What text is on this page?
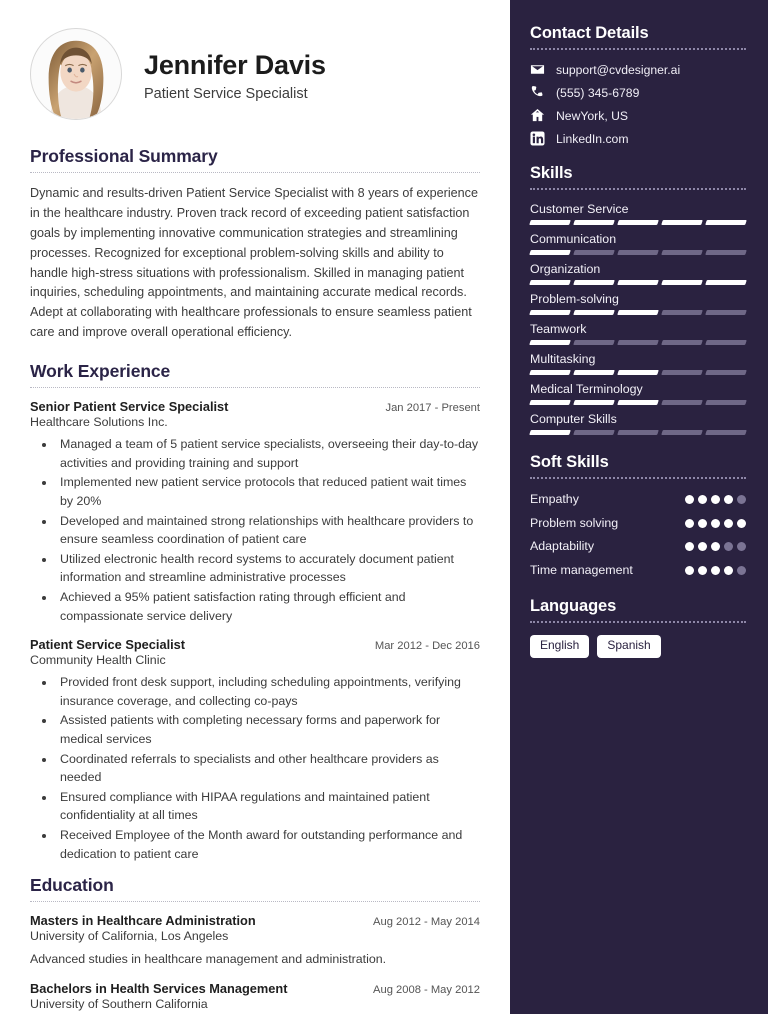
Jennifer Davis
Patient Service Specialist
Professional Summary
Dynamic and results-driven Patient Service Specialist with 8 years of experience in the healthcare industry. Proven track record of exceeding patient satisfaction goals by implementing innovative communication strategies and streamlining processes. Recognized for exceptional problem-solving skills and ability to handle high-stress situations with professionalism. Skilled in managing patient inquiries, scheduling appointments, and maintaining accurate medical records. Adept at collaborating with healthcare professionals to ensure seamless patient care and improve overall operational efficiency.
Work Experience
Senior Patient Service Specialist	Jan 2017 - Present
Healthcare Solutions Inc.
• Managed a team of 5 patient service specialists, overseeing their day-to-day activities and providing training and support
• Implemented new patient service protocols that reduced patient wait times by 20%
• Developed and maintained strong relationships with healthcare providers to ensure seamless coordination of patient care
• Utilized electronic health record systems to accurately document patient information and streamline administrative processes
• Achieved a 95% patient satisfaction rating through efficient and compassionate service delivery
Patient Service Specialist	Mar 2012 - Dec 2016
Community Health Clinic
• Provided front desk support, including scheduling appointments, verifying insurance coverage, and collecting co-pays
• Assisted patients with completing necessary forms and paperwork for medical services
• Coordinated referrals to specialists and other healthcare providers as needed
• Ensured compliance with HIPAA regulations and maintained patient confidentiality at all times
• Received Employee of the Month award for outstanding performance and dedication to patient care
Education
Masters in Healthcare Administration	Aug 2012 - May 2014
University of California, Los Angeles
Advanced studies in healthcare management and administration.
Bachelors in Health Services Management	Aug 2008 - May 2012
University of Southern California
Contact Details
support@cvdesigner.ai
(555) 345-6789
NewYork, US
LinkedIn.com
Skills
Customer Service
Communication
Organization
Problem-solving
Teamwork
Multitasking
Medical Terminology
Computer Skills
Soft Skills
Empathy
Problem solving
Adaptability
Time management
Languages
English	Spanish
